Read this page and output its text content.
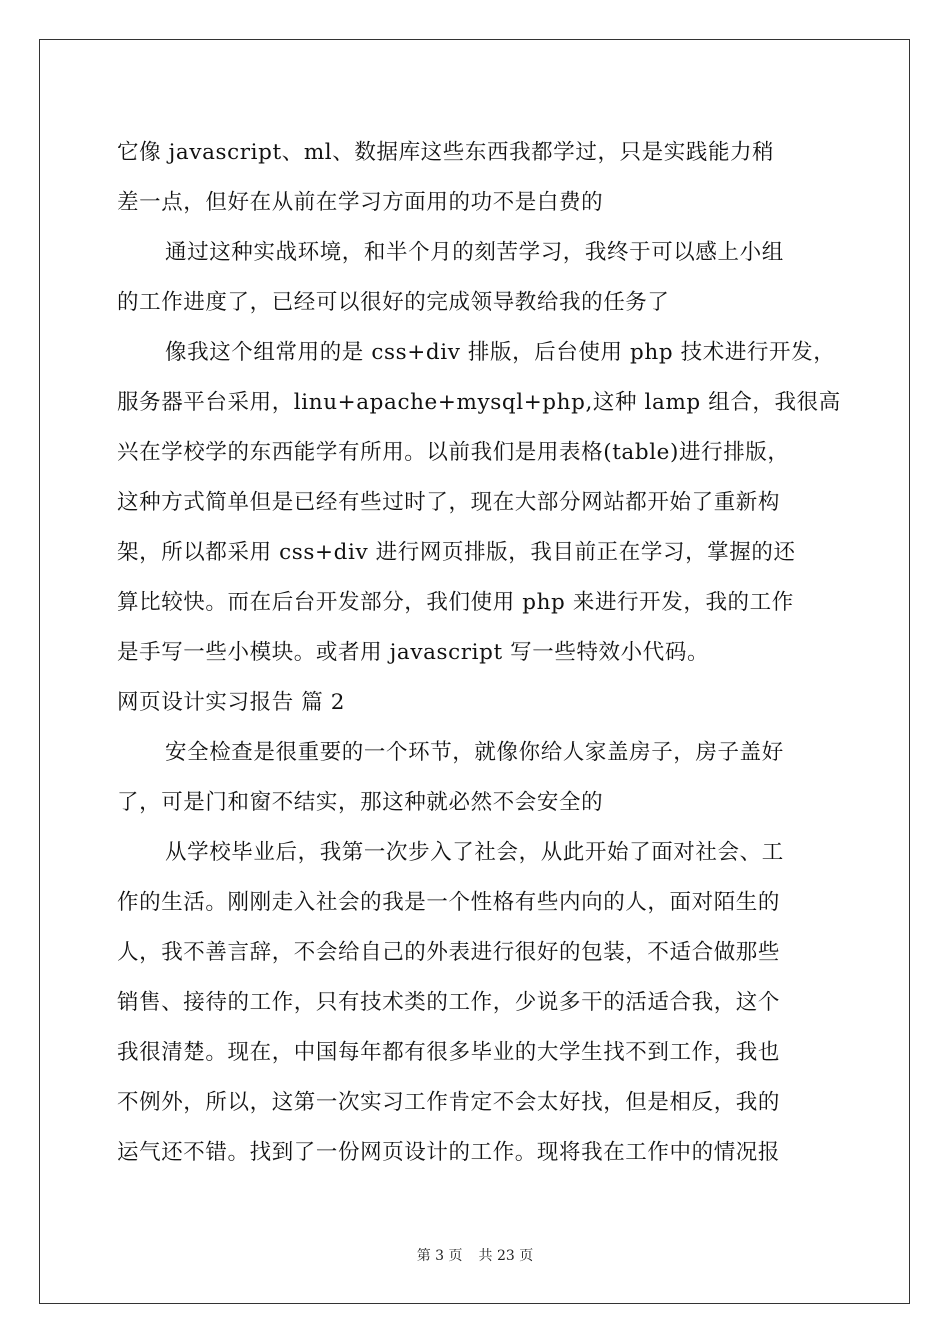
它像 javascript、ml、数据库这些东西我都学过，只是实践能力稍
差一点，但好在从前在学习方面用的功不是白费的
通过这种实战环境，和半个月的刻苦学习，我终于可以感上小组
的工作进度了，已经可以很好的完成领导教给我的任务了
像我这个组常用的是 css+div 排版，后台使用 php 技术进行开发，
服务器平台采用，linu+apache+mysql+php,这种 lamp 组合，我很高
兴在学校学的东西能学有所用。以前我们是用表格(table)进行排版，
这种方式简单但是已经有些过时了，现在大部分网站都开始了重新构
架，所以都采用 css+div 进行网页排版，我目前正在学习，掌握的还
算比较快。而在后台开发部分，我们使用 php 来进行开发，我的工作
是手写一些小模块。或者用 javascript 写一些特效小代码。
网页设计实习报告 篇 2
安全检查是很重要的一个环节，就像你给人家盖房子，房子盖好
了，可是门和窗不结实，那这种就必然不会安全的
从学校毕业后，我第一次步入了社会，从此开始了面对社会、工
作的生活。刚刚走入社会的我是一个性格有些内向的人，面对陌生的
人，我不善言辞，不会给自己的外表进行很好的包装，不适合做那些
销售、接待的工作，只有技术类的工作，少说多干的活适合我，这个
我很清楚。现在，中国每年都有很多毕业的大学生找不到工作，我也
不例外，所以，这第一次实习工作肯定不会太好找，但是相反，我的
运气还不错。找到了一份网页设计的工作。现将我在工作中的情况报
第 3 页 共 23 页
